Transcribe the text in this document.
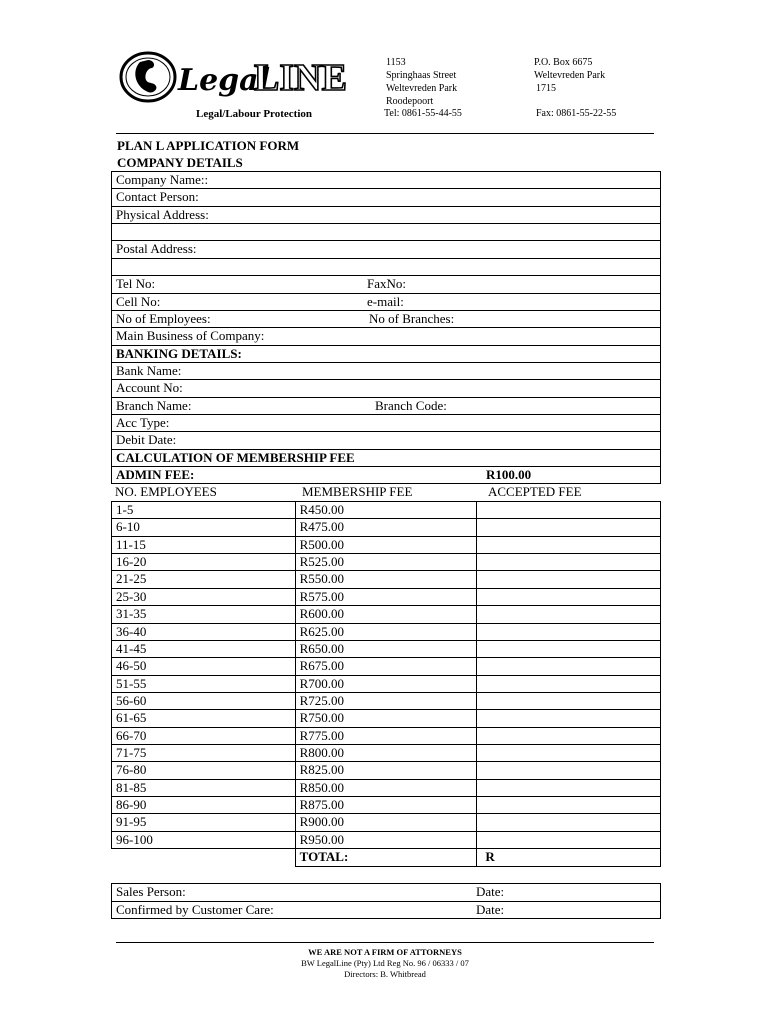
Legal
LINE
Legal/Labour Protection
1153
Springhaas Street
Weltevreden Park
Roodepoort
P.O. Box 6675
Weltevreden Park
1715
Tel: 0861-55-44-55	Fax: 0861-55-22-55
PLAN L APPLICATION FORM
COMPANY DETAILS
Company Name::
Contact Person:
Physical Address:
Postal Address:
Tel No:	FaxNo:
Cell No:	e-mail:
No of Employees:	No of Branches:
Main Business of Company:
BANKING DETAILS:
Bank Name:
Account No:
Branch Name:	Branch Code:
Acc Type:
Debit Date:
CALCULATION OF MEMBERSHIP FEE
ADMIN FEE:	R100.00
NO. EMPLOYEES	MEMBERSHIP FEE	ACCEPTED FEE
1-5	R450.00	
6-10	R475.00	
11-15	R500.00	
16-20	R525.00	
21-25	R550.00	
25-30	R575.00	
31-35	R600.00	
36-40	R625.00	
41-45	R650.00	
46-50	R675.00	
51-55	R700.00	
56-60	R725.00	
61-65	R750.00	
66-70	R775.00	
71-75	R800.00	
76-80	R825.00	
81-85	R850.00	
86-90	R875.00	
91-95	R900.00	
96-100	R950.00	
	TOTAL:	R
Sales Person:	Date:

Confirmed by Customer Care:	Date:
WE ARE NOT A FIRM OF ATTORNEYS
BW LegalLine (Pty) Ltd Reg No. 96 / 06333 / 07
Directors: B. Whitbread
